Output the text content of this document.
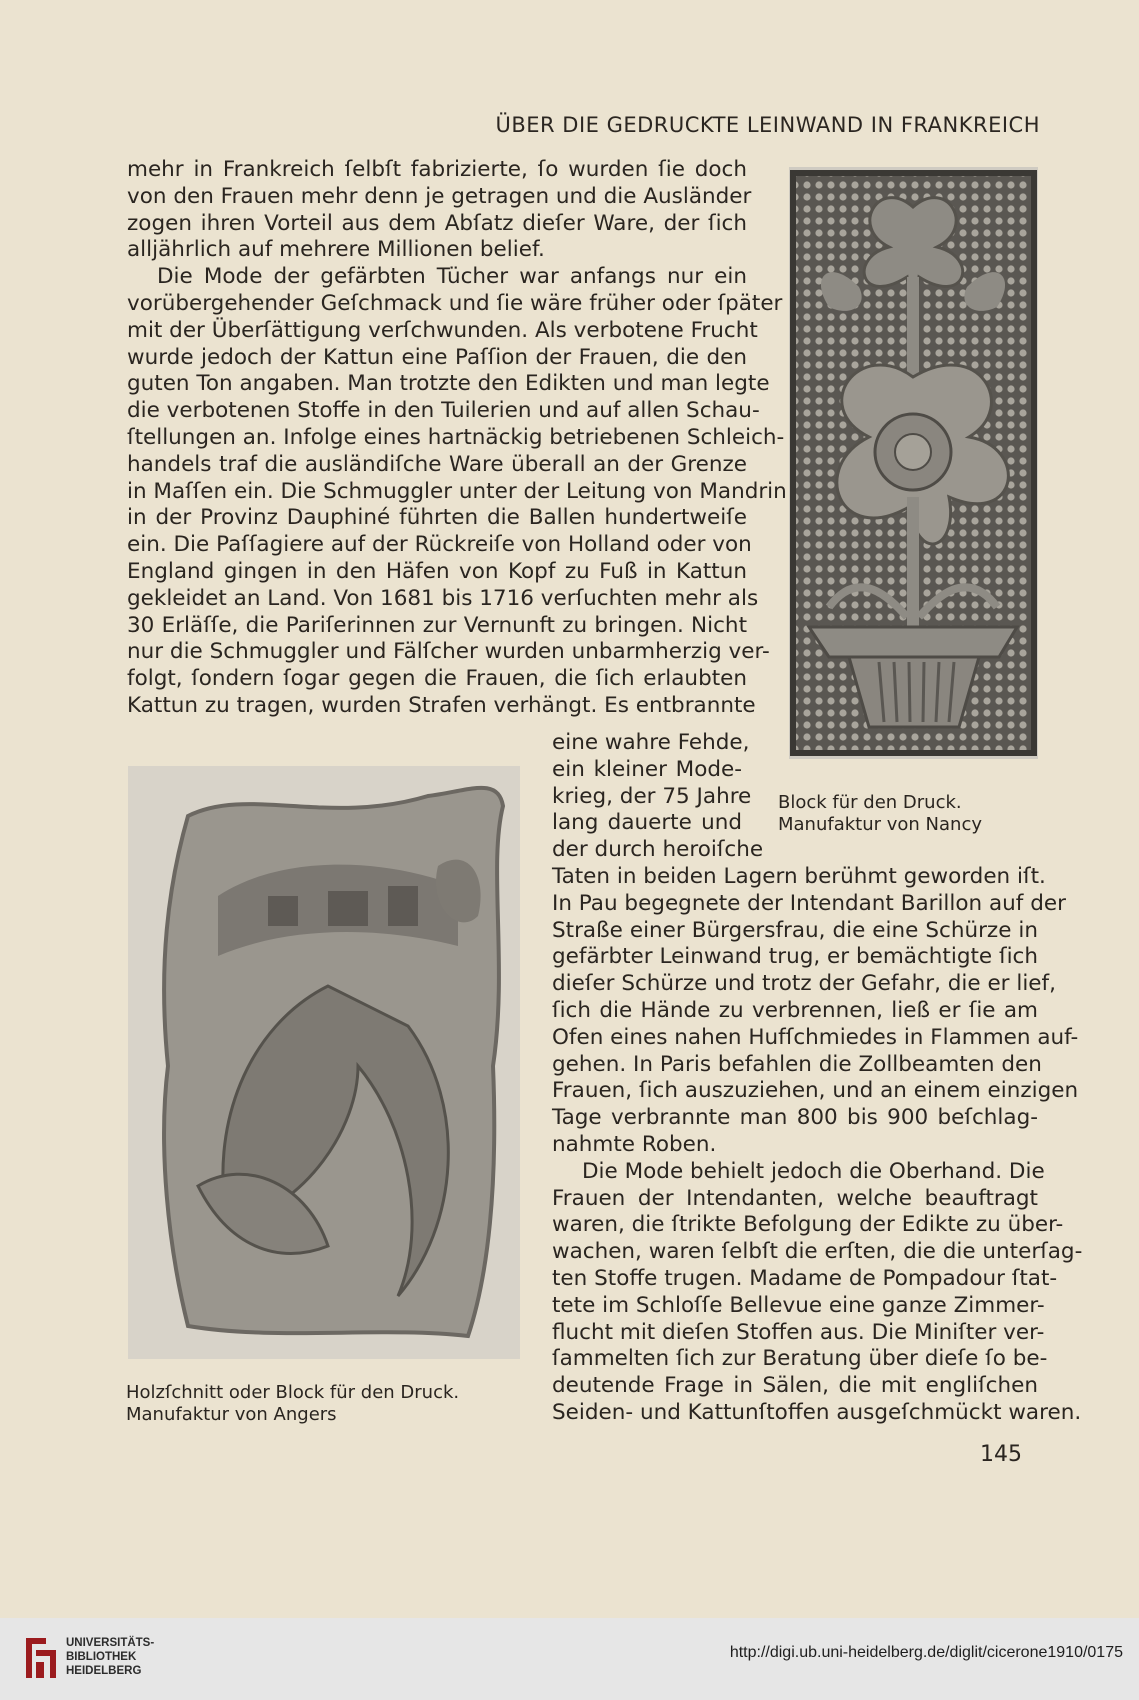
ÜBER DIE GEDRUCKTE LEINWAND IN FRANKREICH
mehr in Frankreich ſelbſt fabrizierte, ſo wurden ſie doch
von den Frauen mehr denn je getragen und die Ausländer
zogen ihren Vorteil aus dem Abſatz dieſer Ware, der ſich
alljährlich auf mehrere Millionen belief.
Die Mode der gefärbten Tücher war anfangs nur ein
vorübergehender Geſchmack und ſie wäre früher oder ſpäter
mit der Überſättigung verſchwunden. Als verbotene Frucht
wurde jedoch der Kattun eine Paſſion der Frauen, die den
guten Ton angaben. Man trotzte den Edikten und man legte
die verbotenen Stoffe in den Tuilerien und auf allen Schau-
ſtellungen an. Infolge eines hartnäckig betriebenen Schleich-
handels traf die ausländiſche Ware überall an der Grenze
in Maſſen ein. Die Schmuggler unter der Leitung von Mandrin
in der Provinz Dauphiné führten die Ballen hundertweiſe
ein. Die Paſſagiere auf der Rückreiſe von Holland oder von
England gingen in den Häfen von Kopf zu Fuß in Kattun
gekleidet an Land. Von 1681 bis 1716 verſuchten mehr als
30 Erläſſe, die Pariſerinnen zur Vernunft zu bringen. Nicht
nur die Schmuggler und Fälſcher wurden unbarmherzig ver-
folgt, ſondern ſogar gegen die Frauen, die ſich erlaubten
Kattun zu tragen, wurden Strafen verhängt. Es entbrannte
eine wahre Fehde,
ein kleiner Mode-
krieg, der 75 Jahre
lang dauerte und
der durch heroiſche
Taten in beiden Lagern berühmt geworden iſt.
In Pau begegnete der Intendant Barillon auf der
Straße einer Bürgersfrau, die eine Schürze in
gefärbter Leinwand trug, er bemächtigte ſich
dieſer Schürze und trotz der Gefahr, die er lief,
ſich die Hände zu verbrennen, ließ er ſie am
Ofen eines nahen Hufſchmiedes in Flammen auf-
gehen. In Paris befahlen die Zollbeamten den
Frauen, ſich auszuziehen, und an einem einzigen
Tage verbrannte man 800 bis 900 beſchlag-
nahmte Roben.
Die Mode behielt jedoch die Oberhand. Die
Frauen der Intendanten, welche beauftragt
waren, die ſtrikte Befolgung der Edikte zu über-
wachen, waren ſelbſt die erſten, die die unterſag-
ten Stoffe trugen. Madame de Pompadour ſtat-
tete im Schloſſe Bellevue eine ganze Zimmer-
flucht mit dieſen Stoffen aus. Die Miniſter ver-
ſammelten ſich zur Beratung über dieſe ſo be-
deutende Frage in Sälen, die mit engliſchen
Seiden- und Kattunſtoffen ausgeſchmückt waren.

Block für den Druck.
Manufaktur von Nancy

Holzſchnitt oder Block für den Druck.
Manufaktur von Angers

145
UNIVERSITÄTS-
BIBLIOTHEK
HEIDELBERG
http://digi.ub.uni-heidelberg.de/diglit/cicerone1910/0175
